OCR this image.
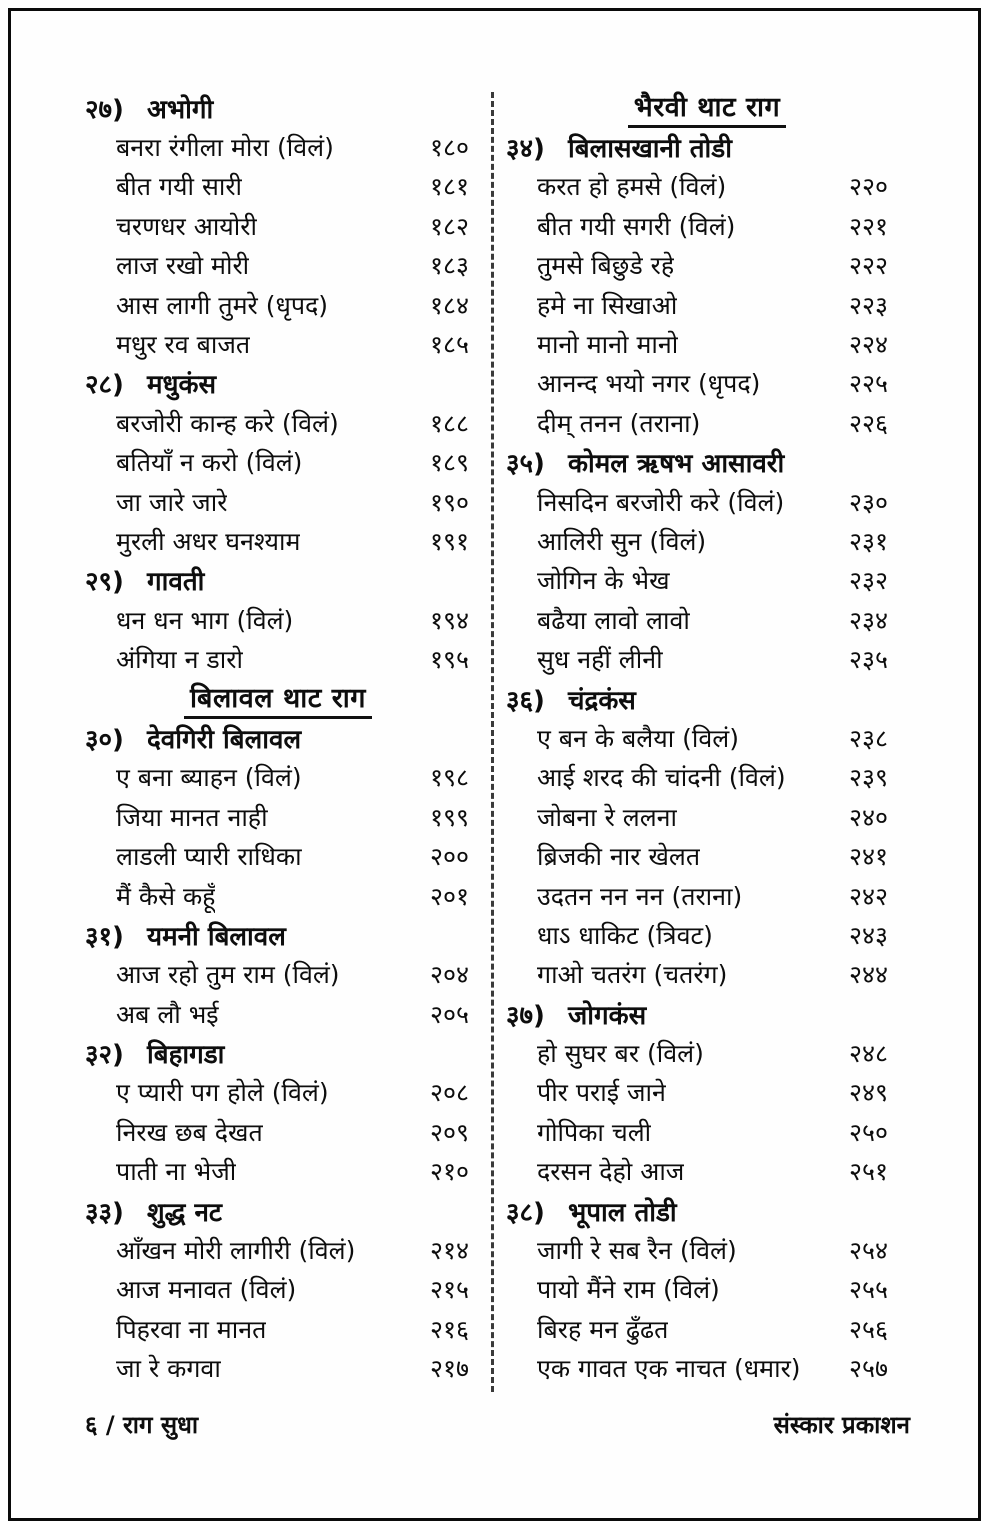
२७) अभोगी
बनरा रंगीला मोरा (विलं)	१८०
बीत गयी सारी	१८१
चरणधर आयोरी	१८२
लाज रखो मोरी	१८३
आस लागी तुमरे (धृपद)	१८४
मधुर रव बाजत	१८५
२८) मधुकंस
बरजोरी कान्ह करे (विलं)	१८८
बतियाँ न करो (विलं)	१८९
जा जारे जारे	१९०
मुरली अधर घनश्याम	१९१
२९) गावती
धन धन भाग (विलं)	१९४
अंगिया न डारो	१९५
बिलावल थाट राग
३०) देवगिरी बिलावल
ए बना ब्याहन (विलं)	१९८
जिया मानत नाही	१९९
लाडली प्यारी राधिका	२००
मैं कैसे कहूँ	२०१
३१) यमनी बिलावल
आज रहो तुम राम (विलं)	२०४
अब लौ भई	२०५
३२) बिहागडा
ए प्यारी पग होले (विलं)	२०८
निरख छब देखत	२०९
पाती ना भेजी	२१०
३३) शुद्ध नट
आँखन मोरी लागीरी (विलं)	२१४
आज मनावत (विलं)	२१५
पिहरवा ना मानत	२१६
जा रे कगवा	२१७
भैरवी थाट राग
३४) बिलासखानी तोडी
करत हो हमसे (विलं)	२२०
बीत गयी सगरी (विलं)	२२१
तुमसे बिछुडे रहे	२२२
हमे ना सिखाओ	२२३
मानो मानो मानो	२२४
आनन्द भयो नगर (धृपद)	२२५
दीम् तनन (तराना)	२२६
३५) कोमल ऋषभ आसावरी
निसदिन बरजोरी करे (विलं)	२३०
आलिरी सुन (विलं)	२३१
जोगिन के भेख	२३२
बढैया लावो लावो	२३४
सुध नहीं लीनी	२३५
३६) चंद्रकंस
ए बन के बलैया (विलं)	२३८
आई शरद की चांदनी (विलं)	२३९
जोबना रे ललना	२४०
ब्रिजकी नार खेलत	२४१
उदतन नन नन (तराना)	२४२
धाऽ धाकिट (त्रिवट)	२४३
गाओ चतरंग (चतरंग)	२४४
३७) जोगकंस
हो सुघर बर (विलं)	२४८
पीर पराई जाने	२४९
गोपिका चली	२५०
दरसन देहो आज	२५१
३८) भूपाल तोडी
जागी रे सब रैन (विलं)	२५४
पायो मैंने राम (विलं)	२५५
बिरह मन ढुँढत	२५६
एक गावत एक नाचत (धमार) २५७
६ / राग सुधा	संस्कार प्रकाशन
